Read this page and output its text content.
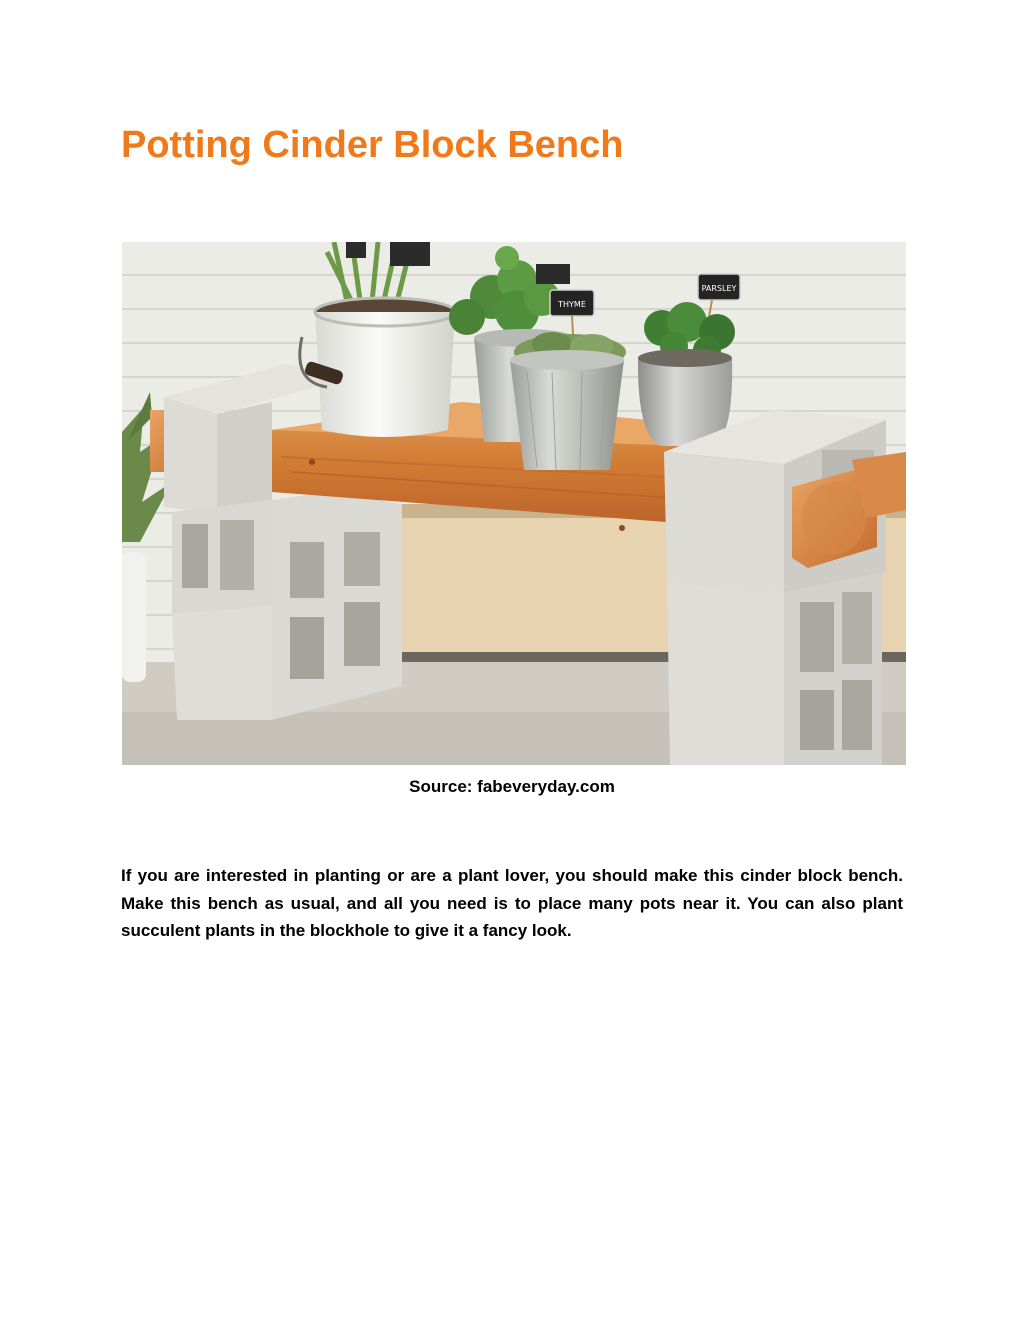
Potting Cinder Block Bench
THYME
PARSLEY
Source: fabeveryday.com

If you are interested in planting or are a plant lover, you should make this cinder block bench. Make this bench as usual, and all you need is to place many pots near it. You can also plant succulent plants in the blockhole to give it a fancy look.
